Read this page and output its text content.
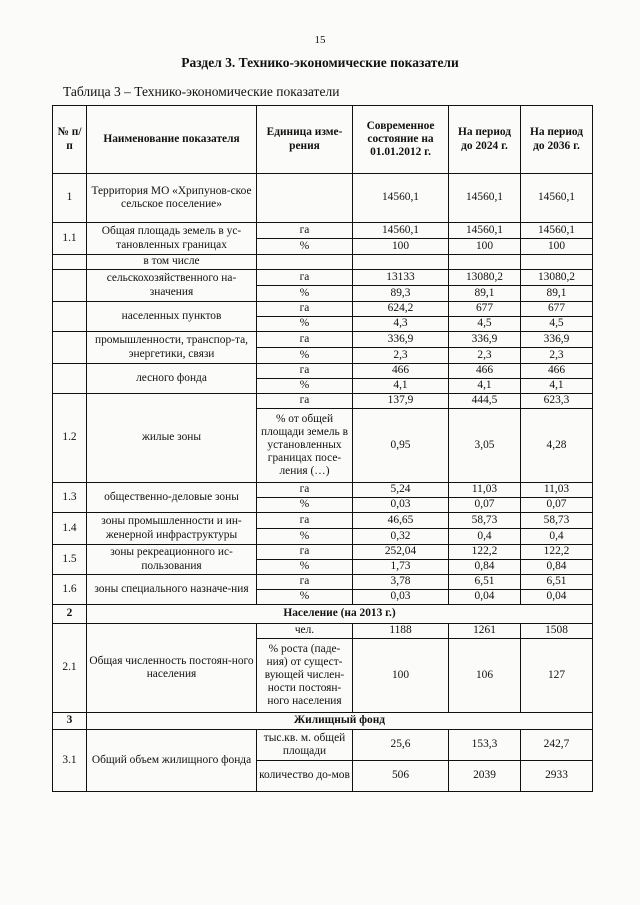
15
Раздел 3. Технико-экономические показатели
Таблица 3 – Технико-экономические показатели
№ п/п	Наименование показателя	Единица изме-рения	Современное состояние на 01.01.2012 г.	На период до 2024 г.	На период до 2036 г.
1	Территория МО «Хрипунов-ское сельское поселение»		14560,1	14560,1	14560,1
1.1	Общая площадь земель в ус-тановленных границах	га	14560,1	14560,1	14560,1
		%	100	100	100
	в том числе				
	сельскохозяйственного на-значения	га	13133	13080,2	13080,2
		%	89,3	89,1	89,1
	населенных пунктов	га	624,2	677	677
		%	4,3	4,5	4,5
	промышленности, транспор-та, энергетики, связи	га	336,9	336,9	336,9
		%	2,3	2,3	2,3
	лесного фонда	га	466	466	466
		%	4,1	4,1	4,1
1.2	жилые зоны	га	137,9	444,5	623,3
		% от общей площади земель в установленных границах посе-ления (…)	0,95	3,05	4,28
1.3	общественно-деловые зоны	га	5,24	11,03	11,03
		%	0,03	0,07	0,07
1.4	зоны промышленности и ин-женерной инфраструктуры	га	46,65	58,73	58,73
		%	0,32	0,4	0,4
1.5	зоны рекреационного ис-пользования	га	252,04	122,2	122,2
		%	1,73	0,84	0,84
1.6	зоны специального назначе-ния	га	3,78	6,51	6,51
		%	0,03	0,04	0,04
2	Население (на 2013 г.)				
2.1	Общая численность постоян-ного населения	чел.	1188	1261	1508
		% роста (паде-ния) от сущест-вующей числен-ности постоян-ного населения	100	106	127
3	Жилищный фонд				
3.1	Общий объем жилищного фонда	тыс.кв. м. общей площади	25,6	153,3	242,7
		количество до-мов	506	2039	2933
